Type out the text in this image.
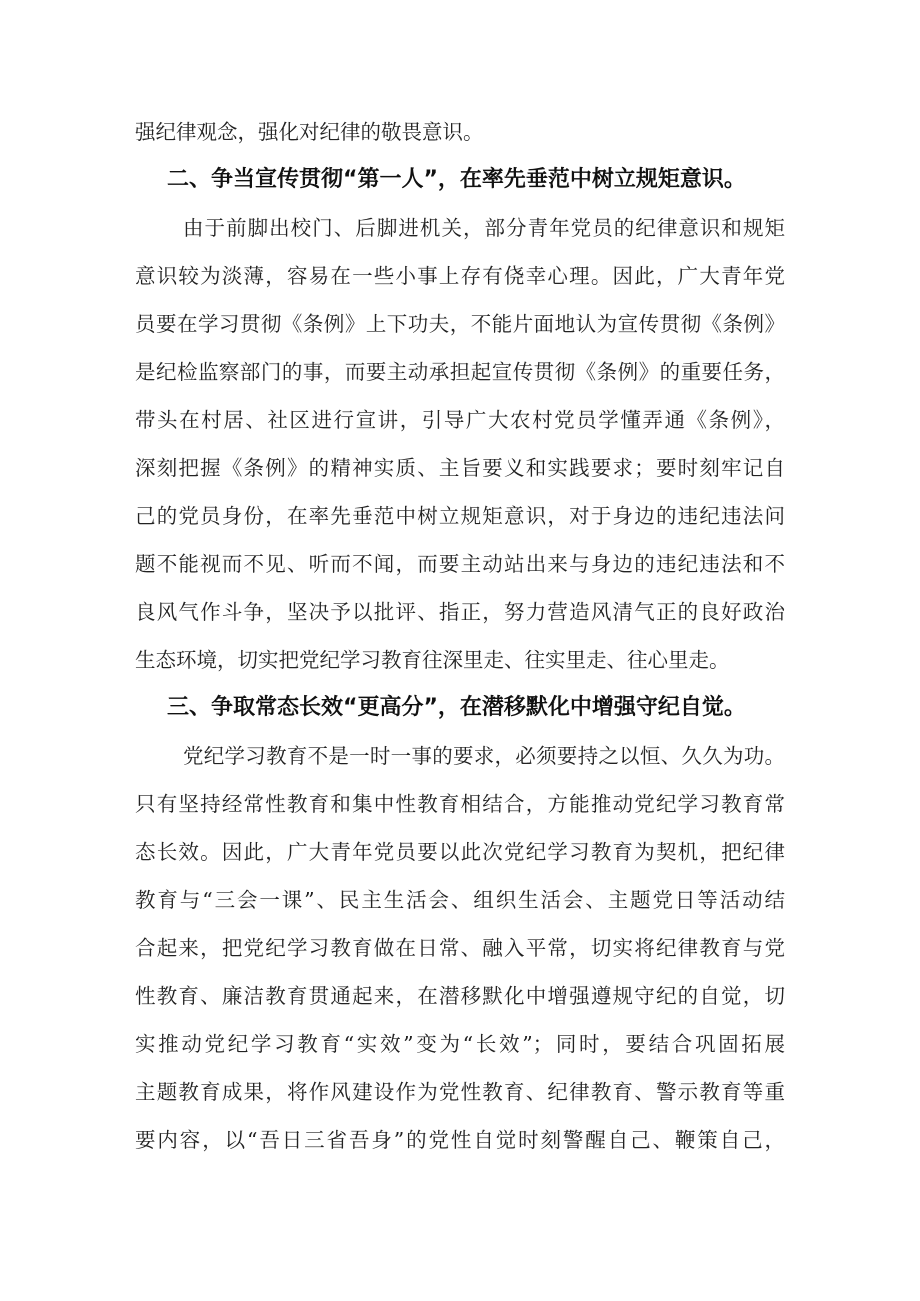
强纪律观念，强化对纪律的敬畏意识。
二、争当宣传贯彻“第一人”，在率先垂范中树立规矩意识。
由于前脚出校门、后脚进机关，部分青年党员的纪律意识和规矩
意识较为淡薄，容易在一些小事上存有侥幸心理。因此，广大青年党
员要在学习贯彻《条例》上下功夫，不能片面地认为宣传贯彻《条例》
是纪检监察部门的事，而要主动承担起宣传贯彻《条例》的重要任务，
带头在村居、社区进行宣讲，引导广大农村党员学懂弄通《条例》，
深刻把握《条例》的精神实质、主旨要义和实践要求；要时刻牢记自
己的党员身份，在率先垂范中树立规矩意识，对于身边的违纪违法问
题不能视而不见、听而不闻，而要主动站出来与身边的违纪违法和不
良风气作斗争，坚决予以批评、指正，努力营造风清气正的良好政治
生态环境，切实把党纪学习教育往深里走、往实里走、往心里走。
三、争取常态长效“更高分”，在潜移默化中增强守纪自觉。
党纪学习教育不是一时一事的要求，必须要持之以恒、久久为功。
只有坚持经常性教育和集中性教育相结合，方能推动党纪学习教育常
态长效。因此，广大青年党员要以此次党纪学习教育为契机，把纪律
教育与“三会一课”、民主生活会、组织生活会、主题党日等活动结
合起来，把党纪学习教育做在日常、融入平常，切实将纪律教育与党
性教育、廉洁教育贯通起来，在潜移默化中增强遵规守纪的自觉，切
实推动党纪学习教育“实效”变为“长效”；同时，要结合巩固拓展
主题教育成果，将作风建设作为党性教育、纪律教育、警示教育等重
要内容，以“吾日三省吾身”的党性自觉时刻警醒自己、鞭策自己，
